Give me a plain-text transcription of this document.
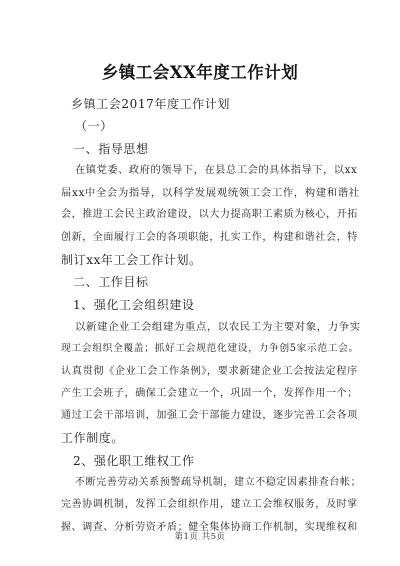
乡镇工会XX年度工作计划
乡镇工会2017年度工作计划
（一）
一、指导思想
在镇党委、政府的领导下，在县总工会的具体指导下，以xx
届xx中全会为指导，以科学发展观统领工会工作，构建和谐社
会，推进工会民主政治建设，以大力提高职工素质为核心，开拓
创新，全面履行工会的各项职能，扎实工作，构建和谐社会，特
制订xx年工会工作计划。
二、工作目标
1、强化工会组织建设
以新建企业工会组建为重点，以农民工为主要对象，力争实
现工会组织全覆盖；抓好工会规范化建设，力争创5家示范工会。
认真贯彻《企业工会工作条例》，要求新建企业工会按法定程序
产生工会班子，确保工会建立一个，巩固一个，发挥作用一个；
通过工会干部培训，加强工会干部能力建设，逐步完善工会各项
工作制度。
2、强化职工维权工作
不断完善劳动关系预警疏导机制，建立不稳定因素排查台帐；
完善协调机制，发挥工会组织作用，建立工会维权服务，及时掌
握、调查、分析劳资矛盾；健全集体协商工作机制，实现维权和
第1页 共5页
